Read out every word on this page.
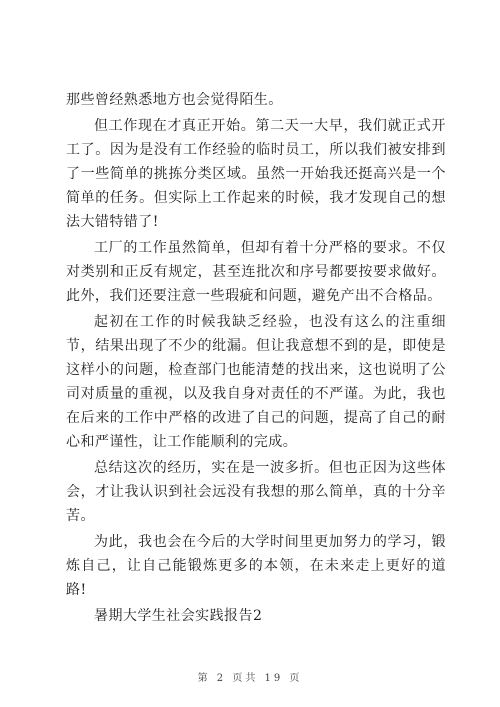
那些曾经熟悉地方也会觉得陌生。

但工作现在才真正开始。第二天一大早，我们就正式开工了。因为是没有工作经验的临时员工，所以我们被安排到了一些简单的挑拣分类区域。虽然一开始我还挺高兴是一个简单的任务。但实际上工作起来的时候，我才发现自己的想法大错特错了!

工厂的工作虽然简单，但却有着十分严格的要求。不仅对类别和正反有规定，甚至连批次和序号都要按要求做好。此外，我们还要注意一些瑕疵和问题，避免产出不合格品。

起初在工作的时候我缺乏经验，也没有这么的注重细节，结果出现了不少的纰漏。但让我意想不到的是，即使是这样小的问题，检查部门也能清楚的找出来，这也说明了公司对质量的重视，以及我自身对责任的不严谨。为此，我也在后来的工作中严格的改进了自己的问题，提高了自己的耐心和严谨性，让工作能顺利的完成。

总结这次的经历，实在是一波多折。但也正因为这些体会，才让我认识到社会远没有我想的那么简单，真的十分辛苦。

为此，我也会在今后的大学时间里更加努力的学习，锻炼自己，让自己能锻炼更多的本领，在未来走上更好的道路!

暑期大学生社会实践报告2

第 2 页共 19 页
